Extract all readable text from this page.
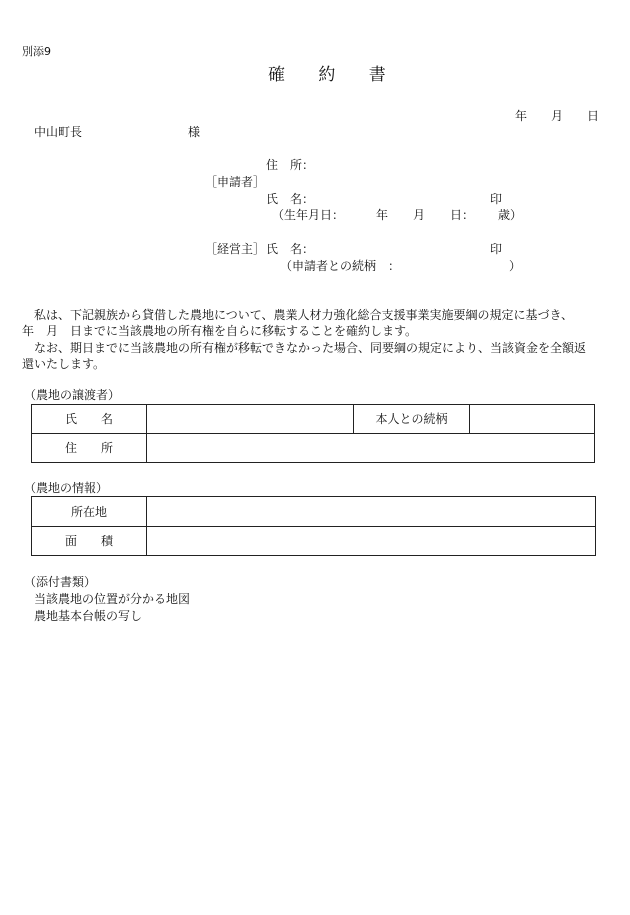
別添9
確 約 書
年　　月　　日
中山町長	様
住　所：
［申請者］
氏　名：	印
（生年月日：	年 月 日： 歳）
［経営主］ 氏　名：	印
（申請者との続柄　：	）
　私は、下記親族から貸借した農地について、農業人材力強化総合支援事業実施要綱の規定に基づき、
年　月　日までに当該農地の所有権を自らに移転することを確約します。
　なお、期日までに当該農地の所有権が移転できなかった場合、同要綱の規定により、当該資金を全額返
還いたします。
（農地の譲渡者）
氏　　名		本人との続柄	
住　　所			
（農地の情報）
所在地	
面　　積	
（添付書類）
当該農地の位置が分かる地図
農地基本台帳の写し
